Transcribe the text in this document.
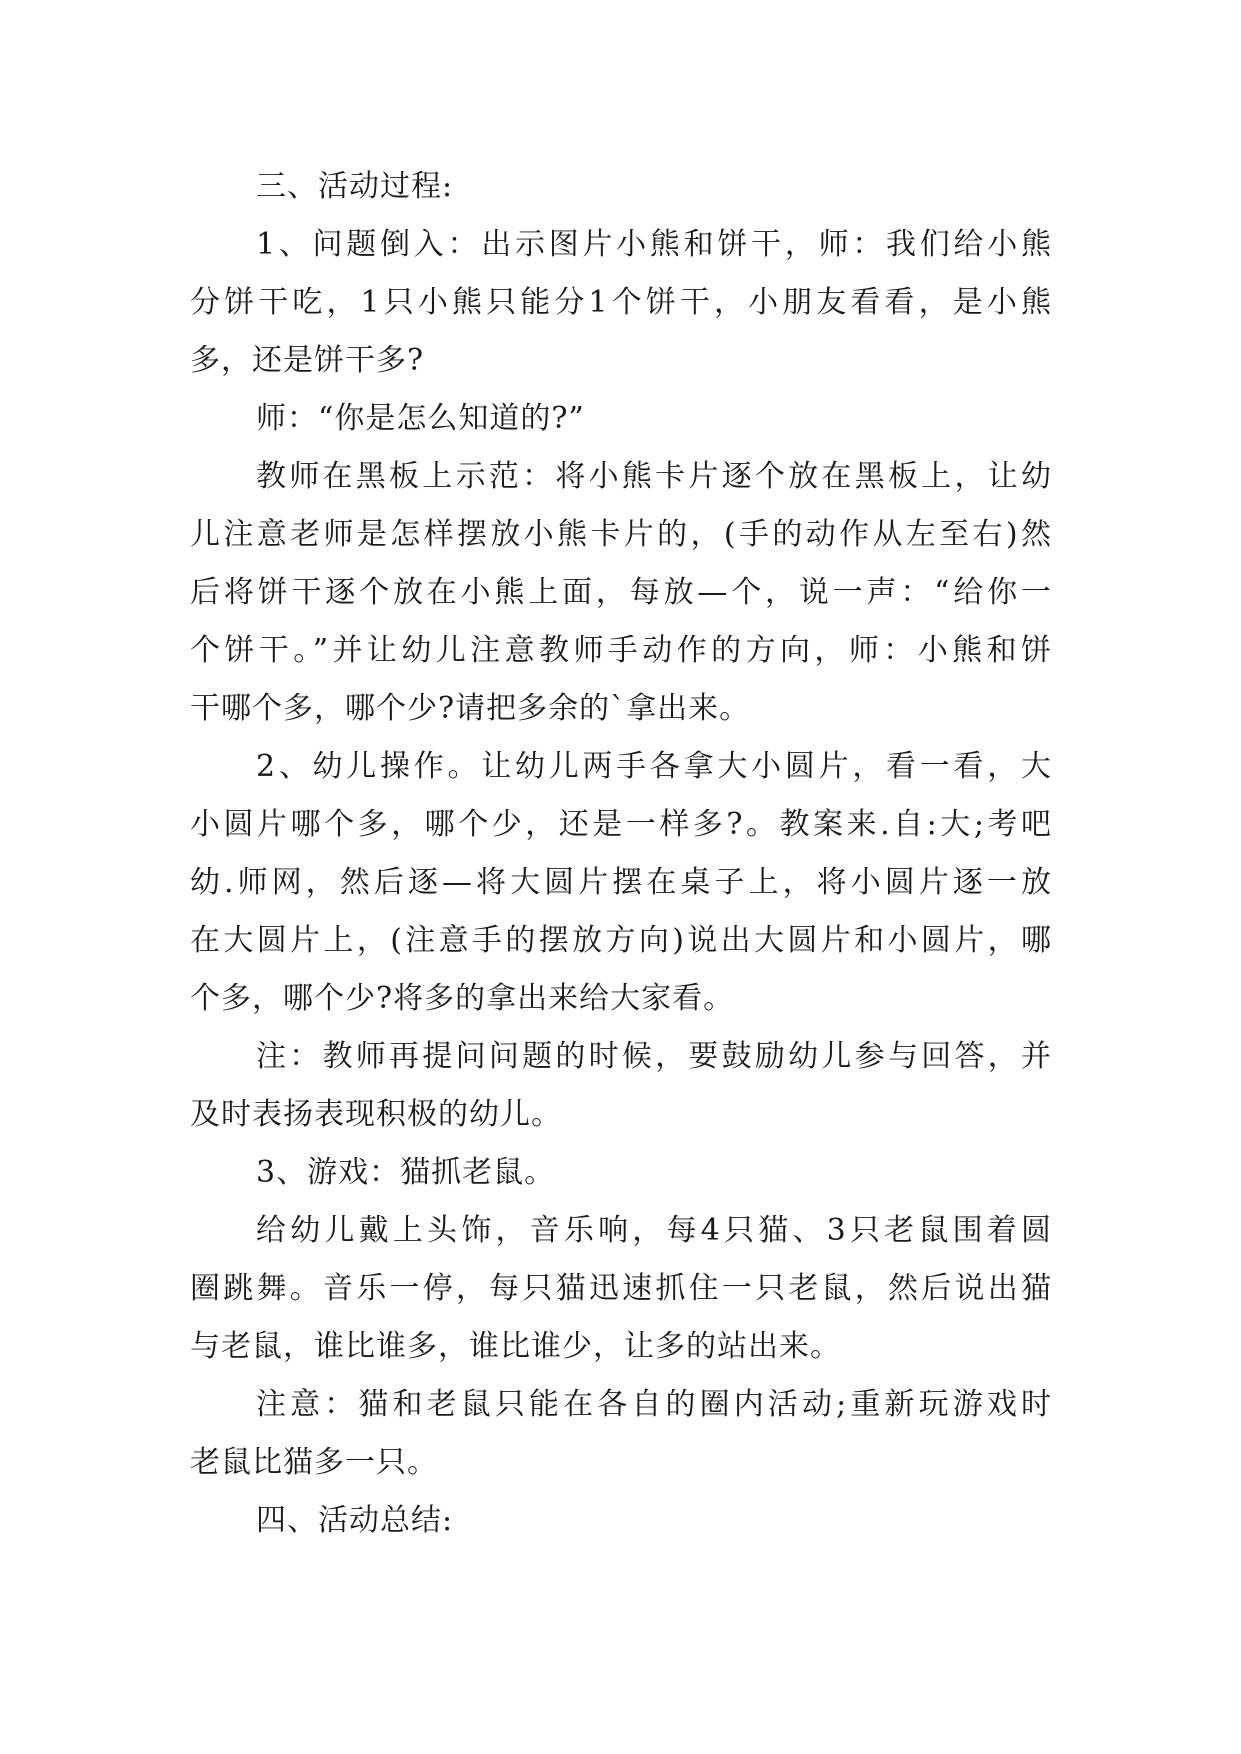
三、活动过程:
1、问题倒入：出示图片小熊和饼干，师：我们给小熊
分饼干吃，1只小熊只能分1个饼干，小朋友看看，是小熊
多，还是饼干多?
师：“你是怎么知道的?”
教师在黑板上示范：将小熊卡片逐个放在黑板上，让幼
儿注意老师是怎样摆放小熊卡片的，(手的动作从左至右)然
后将饼干逐个放在小熊上面，每放—个，说一声：“给你一
个饼干。”并让幼儿注意教师手动作的方向，师：小熊和饼
干哪个多，哪个少?请把多余的`拿出来。
2、幼儿操作。让幼儿两手各拿大小圆片，看一看，大
小圆片哪个多，哪个少，还是一样多?。教案来.自:大;考吧
幼.师网，然后逐—将大圆片摆在桌子上，将小圆片逐一放
在大圆片上，(注意手的摆放方向)说出大圆片和小圆片，哪
个多，哪个少?将多的拿出来给大家看。
注：教师再提问问题的时候，要鼓励幼儿参与回答，并
及时表扬表现积极的幼儿。
3、游戏：猫抓老鼠。
给幼儿戴上头饰，音乐响，每4只猫、3只老鼠围着圆
圈跳舞。音乐一停，每只猫迅速抓住一只老鼠，然后说出猫
与老鼠，谁比谁多，谁比谁少，让多的站出来。
注意：猫和老鼠只能在各自的圈内活动;重新玩游戏时
老鼠比猫多一只。
四、活动总结:
